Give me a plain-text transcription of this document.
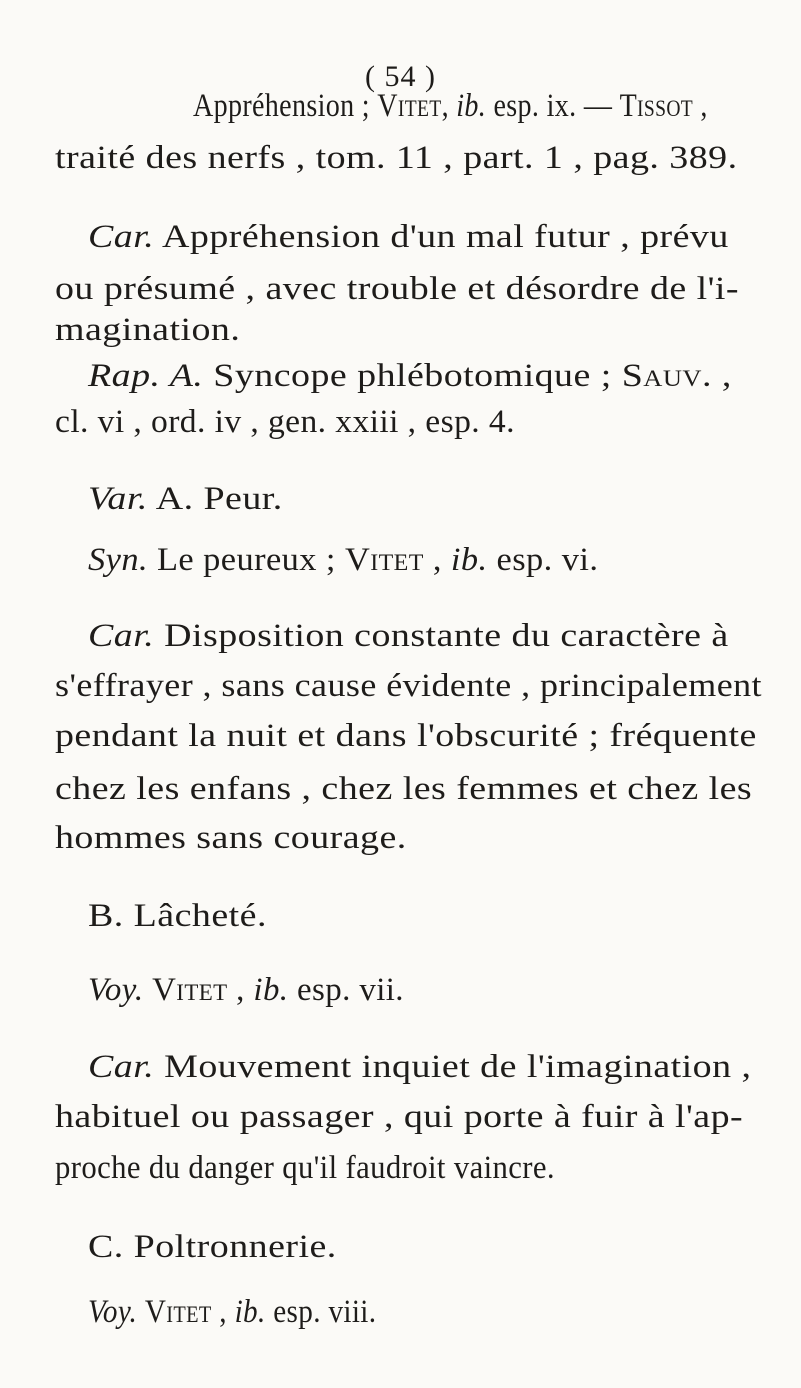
( 54 )
Appréhension ; Vitet, ib. esp. ix. — Tissot ,
traité des nerfs , tom. 11 , part. 1 , pag. 389.
Car. Appréhension d'un mal futur , prévu
ou présumé , avec trouble et désordre de l'i-
magination.
Rap. A. Syncope phlébotomique ; Sauv. ,
cl. vi , ord. iv , gen. xxiii , esp. 4.
Var. A. Peur.
Syn. Le peureux ; Vitet , ib. esp. vi.
Car. Disposition constante du caractère à
s'effrayer , sans cause évidente , principalement
pendant la nuit et dans l'obscurité ; fréquente
chez les enfans , chez les femmes et chez les
hommes sans courage.
B. Lâcheté.
Voy. Vitet , ib. esp. vii.
Car. Mouvement inquiet de l'imagination ,
habituel ou passager , qui porte à fuir à l'ap-
proche du danger qu'il faudroit vaincre.
C. Poltronnerie.
Voy. Vitet , ib. esp. viii.
